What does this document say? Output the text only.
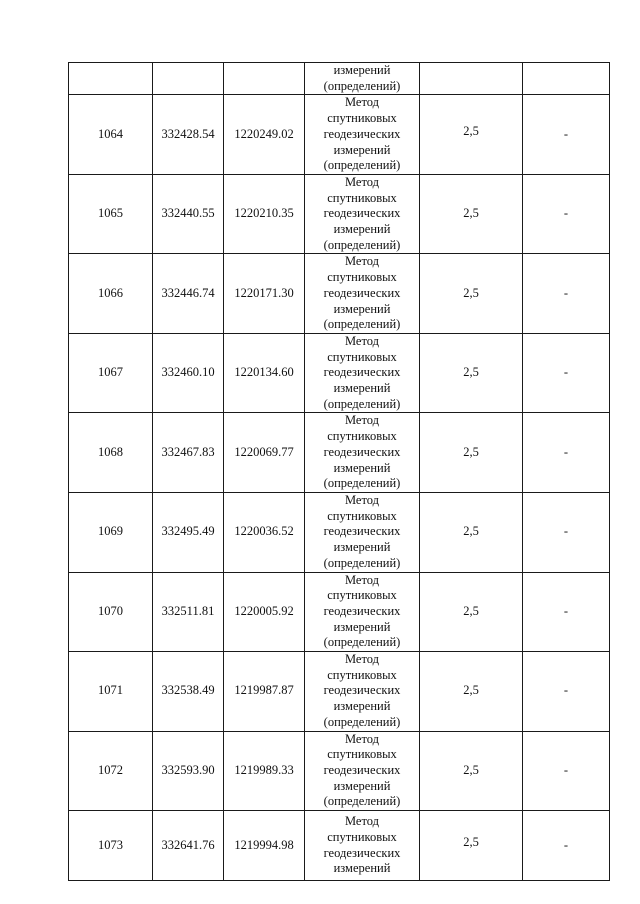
			измерений
(определений)		

1064	332428.54	1220249.02	Метод
спутниковых
геодезических
измерений
(определений)	2,5	-

1065	332440.55	1220210.35	Метод
спутниковых
геодезических
измерений
(определений)	2,5	-

1066	332446.74	1220171.30	Метод
спутниковых
геодезических
измерений
(определений)	2,5	-

1067	332460.10	1220134.60	Метод
спутниковых
геодезических
измерений
(определений)	2,5	-

1068	332467.83	1220069.77	Метод
спутниковых
геодезических
измерений
(определений)	2,5	-

1069	332495.49	1220036.52	Метод
спутниковых
геодезических
измерений
(определений)	2,5	-

1070	332511.81	1220005.92	Метод
спутниковых
геодезических
измерений
(определений)	2,5	-

1071	332538.49	1219987.87	Метод
спутниковых
геодезических
измерений
(определений)	2,5	-

1072	332593.90	1219989.33	Метод
спутниковых
геодезических
измерений
(определений)	2,5	-

1073	332641.76	1219994.98	Метод
спутниковых
геодезических
измерений	2,5	-
